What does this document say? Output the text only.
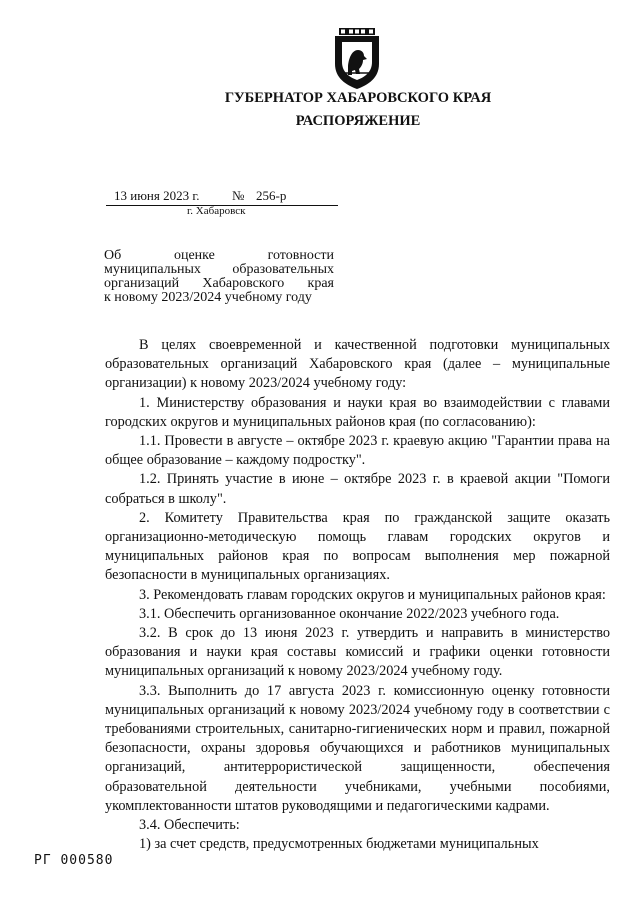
ГУБЕРНАТОР ХАБАРОВСКОГО КРАЯ
РАСПОРЯЖЕНИЕ
13 июня 2023 г.	№ 256-р
г. Хабаровск
Об оценке готовности
муниципальных образовательных
организаций Хабаровского края
к новому 2023/2024 учебному году

В целях своевременной и качественной подготовки муниципальных образовательных организаций Хабаровского края (далее – муниципальные организации) к новому 2023/2024 учебному году:

1. Министерству образования и науки края во взаимодействии с главами городских округов и муниципальных районов края (по согласованию):

1.1. Провести в августе – октябре 2023 г. краевую акцию "Гарантии права на общее образование – каждому подростку".

1.2. Принять участие в июне – октябре 2023 г. в краевой акции "Помоги собраться в школу".

2. Комитету Правительства края по гражданской защите оказать организационно-методическую помощь главам городских округов и муниципальных районов края по вопросам выполнения мер пожарной безопасности в муниципальных организациях.

3. Рекомендовать главам городских округов и муниципальных районов края:

3.1. Обеспечить организованное окончание 2022/2023 учебного года.

3.2. В срок до 13 июня 2023 г. утвердить и направить в министерство образования и науки края составы комиссий и графики оценки готовности муниципальных организаций к новому 2023/2024 учебному году.

3.3. Выполнить до 17 августа 2023 г. комиссионную оценку готовности муниципальных организаций к новому 2023/2024 учебному году в соответствии с требованиями строительных, санитарно-гигиенических норм и правил, пожарной безопасности, охраны здоровья обучающихся и работников муниципальных организаций, антитеррористической защищенности, обеспечения образовательной деятельности учебниками, учебными пособиями, укомплектованности штатов руководящими и педагогическими кадрами.

3.4. Обеспечить:

1) за счет средств, предусмотренных бюджетами муниципальных

РГ 000580
